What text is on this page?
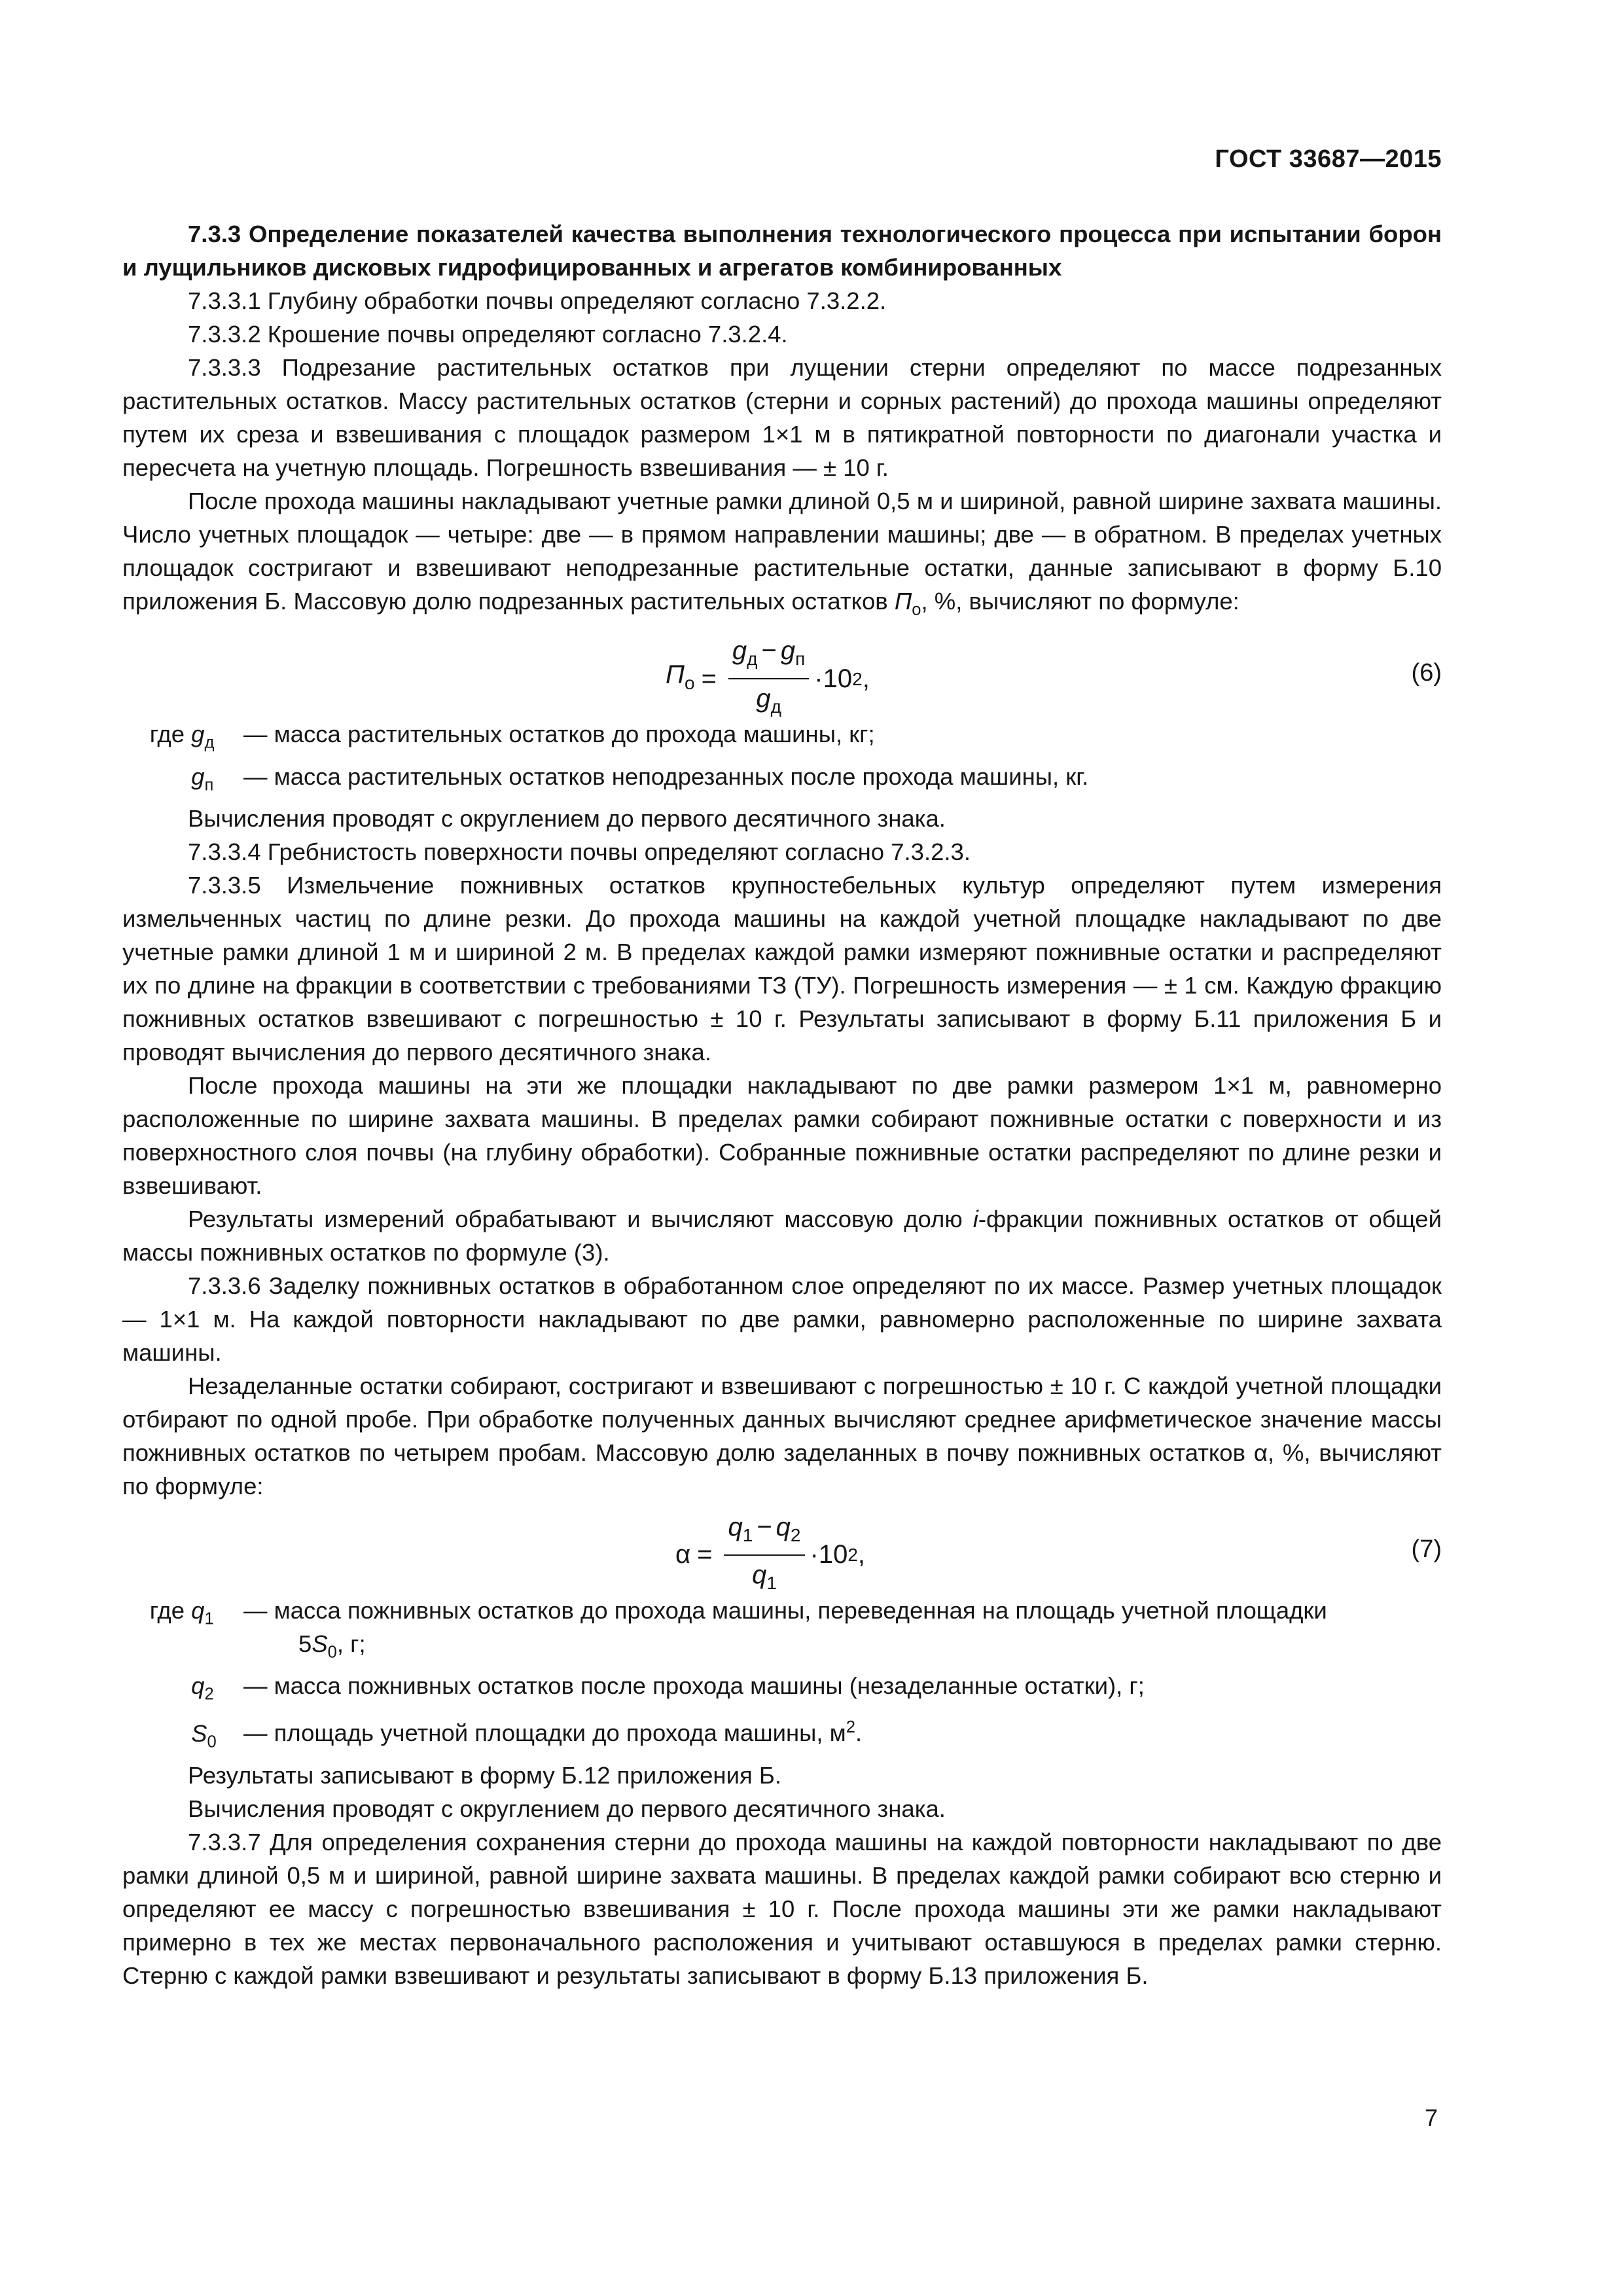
ГОСТ 33687—2015

7.3.3 Определение показателей качества выполнения технологического процесса при испытании борон и лущильников дисковых гидрофицированных и агрегатов комбинированных

7.3.3.1 Глубину обработки почвы определяют согласно 7.3.2.2.

7.3.3.2 Крошение почвы определяют согласно 7.3.2.4.

7.3.3.3 Подрезание растительных остатков при лущении стерни определяют по массе подрезанных растительных остатков. Массу растительных остатков (стерни и сорных растений) до прохода машины определяют путем их среза и взвешивания с площадок размером 1×1 м в пятикратной повторности по диагонали участка и пересчета на учетную площадь. Погрешность взвешивания — ± 10 г.

После прохода машины накладывают учетные рамки длиной 0,5 м и шириной, равной ширине захвата машины. Число учетных площадок — четыре: две — в прямом направлении машины; две — в обратном. В пределах учетных площадок состригают и взвешивают неподрезанные растительные остатки, данные записывают в форму Б.10 приложения Б. Массовую долю подрезанных растительных остатков $П_о$, %, вычисляют по формуле:

$П_о = \frac{g_д - g_п}{g_д} \cdot 10$ 2 ,	(6)
где $g_д$	— масса растительных остатков до прохода машины, кг;
$g_п$	— масса растительных остатков неподрезанных после прохода машины, кг.

Вычисления проводят с округлением до первого десятичного знака.

7.3.3.4 Гребнистость поверхности почвы определяют согласно 7.3.2.3.

7.3.3.5 Измельчение пожнивных остатков крупностебельных культур определяют путем измерения измельченных частиц по длине резки. До прохода машины на каждой учетной площадке накладывают по две учетные рамки длиной 1 м и шириной 2 м. В пределах каждой рамки измеряют пожнивные остатки и распределяют их по длине на фракции в соответствии с требованиями ТЗ (ТУ). Погрешность измерения — ± 1 см. Каждую фракцию пожнивных остатков взвешивают с погрешностью ± 10 г. Результаты записывают в форму Б.11 приложения Б и проводят вычисления до первого десятичного знака.

После прохода машины на эти же площадки накладывают по две рамки размером 1×1 м, равномерно расположенные по ширине захвата машины. В пределах рамки собирают пожнивные остатки с поверхности и из поверхностного слоя почвы (на глубину обработки). Собранные пожнивные остатки распределяют по длине резки и взвешивают.

Результаты измерений обрабатывают и вычисляют массовую долю i-фракции пожнивных остатков от общей массы пожнивных остатков по формуле (3).

7.3.3.6 Заделку пожнивных остатков в обработанном слое определяют по их массе. Размер учетных площадок — 1×1 м. На каждой повторности накладывают по две рамки, равномерно расположенные по ширине захвата машины.

Незаделанные остатки собирают, состригают и взвешивают с погрешностью ± 10 г. С каждой учетной площадки отбирают по одной пробе. При обработке полученных данных вычисляют среднее арифметическое значение массы пожнивных остатков по четырем пробам. Массовую долю заделанных в почву пожнивных остатков α, %, вычисляют по формуле:

$\alpha = \frac{q_1 - q_2}{q_1} \cdot 10$ 2 ,	(7)
где $q_1$	— масса пожнивных остатков до прохода машины, переведенная на площадь учетной площадки
$5S_0$, г;
$q_2$	— масса пожнивных остатков после прохода машины (незаделанные остатки), г;
$S_0$	— площадь учетной площадки до прохода машины, $м^2$.

Результаты записывают в форму Б.12 приложения Б.

Вычисления проводят с округлением до первого десятичного знака.

7.3.3.7 Для определения сохранения стерни до прохода машины на каждой повторности накладывают по две рамки длиной 0,5 м и шириной, равной ширине захвата машины. В пределах каждой рамки собирают всю стерню и определяют ее массу с погрешностью взвешивания ± 10 г. После прохода машины эти же рамки накладывают примерно в тех же местах первоначального расположения и учитывают оставшуюся в пределах рамки стерню. Стерню с каждой рамки взвешивают и результаты записывают в форму Б.13 приложения Б.

7
